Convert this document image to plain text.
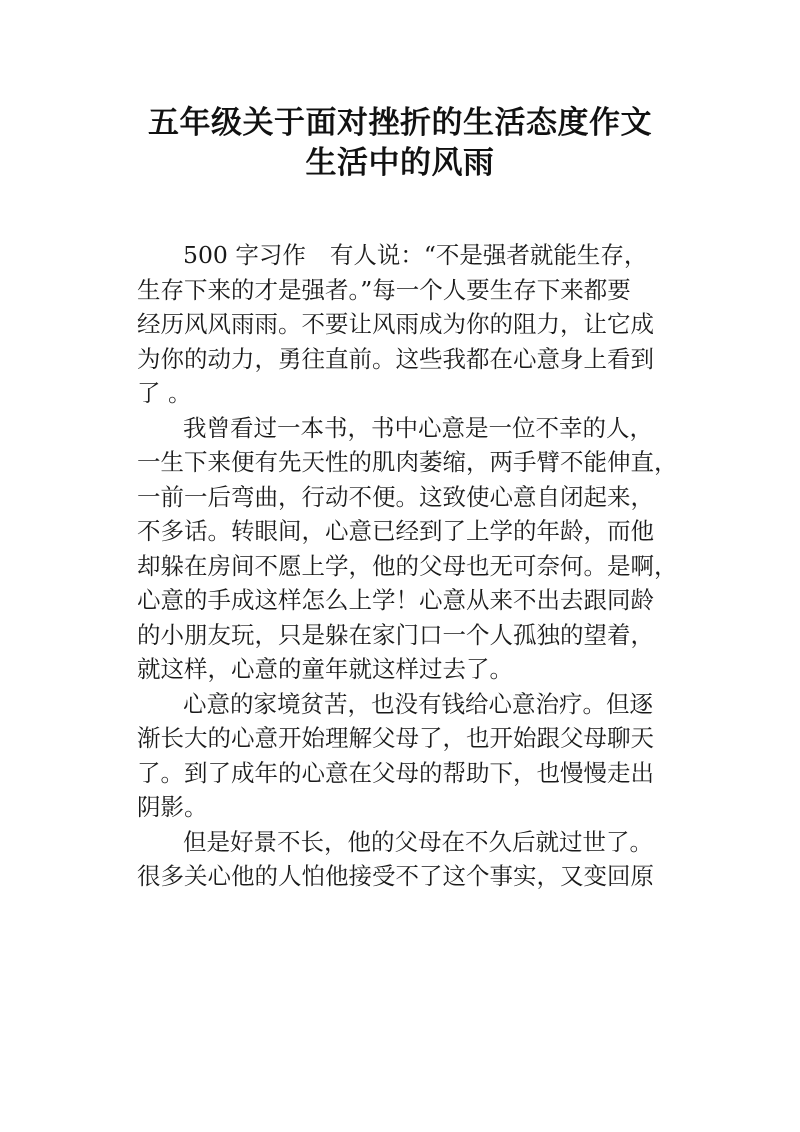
五年级关于面对挫折的生活态度作文
生活中的风雨
500 字习作 有人说：“不是强者就能生存，
生存下来的才是强者。”每一个人要生存下来都要
经历风风雨雨。不要让风雨成为你的阻力，让它成
为你的动力，勇往直前。这些我都在心意身上看到
了 。
我曾看过一本书，书中心意是一位不幸的人，
一生下来便有先天性的肌肉萎缩，两手臂不能伸直，
一前一后弯曲，行动不便。这致使心意自闭起来，
不多话。转眼间，心意已经到了上学的年龄，而他
却躲在房间不愿上学，他的父母也无可奈何。是啊，
心意的手成这样怎么上学！心意从来不出去跟同龄
的小朋友玩，只是躲在家门口一个人孤独的望着，
就这样，心意的童年就这样过去了。
心意的家境贫苦，也没有钱给心意治疗。但逐
渐长大的心意开始理解父母了，也开始跟父母聊天
了。到了成年的心意在父母的帮助下，也慢慢走出
阴影。
但是好景不长，他的父母在不久后就过世了。
很多关心他的人怕他接受不了这个事实，又变回原
